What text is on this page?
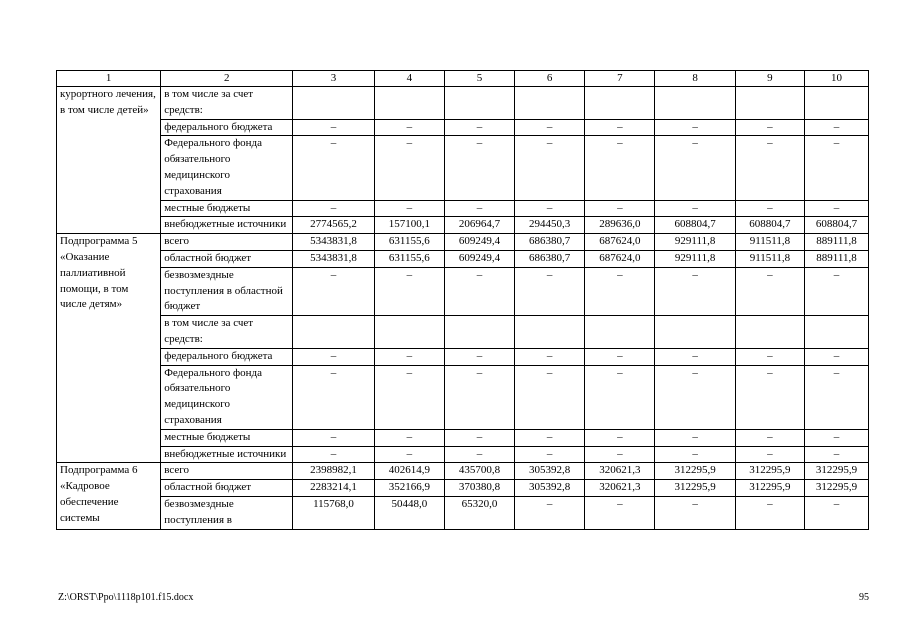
1	2	3	4	5	6	7	8	9	10
курортного лечения, в том числе детей»	в том числе за счет средств:								
	федерального бюджета	–	–	–	–	–	–	–	–
	Федерального фонда обязательного медицинского страхования	–	–	–	–	–	–	–	–
	местные бюджеты	–	–	–	–	–	–	–	–
	внебюджетные источники	2774565,2	157100,1	206964,7	294450,3	289636,0	608804,7	608804,7	608804,7
Подпрограмма 5 «Оказание паллиативной помощи, в том числе детям»	всего	5343831,8	631155,6	609249,4	686380,7	687624,0	929111,8	911511,8	889111,8
	областной бюджет	5343831,8	631155,6	609249,4	686380,7	687624,0	929111,8	911511,8	889111,8
	безвозмездные поступления в областной бюджет	–	–	–	–	–	–	–	–
	в том числе за счет средств:								
	федерального бюджета	–	–	–	–	–	–	–	–
	Федерального фонда обязательного медицинского страхования	–	–	–	–	–	–	–	–
	местные бюджеты	–	–	–	–	–	–	–	–
	внебюджетные источники	–	–	–	–	–	–	–	–
Подпрограмма 6 «Кадровое обеспечение системы	всего	2398982,1	402614,9	435700,8	305392,8	320621,3	312295,9	312295,9	312295,9
	областной бюджет	2283214,1	352166,9	370380,8	305392,8	320621,3	312295,9	312295,9	312295,9
	безвозмездные поступления в	115768,0	50448,0	65320,0	–	–	–	–	–
Z:\ORST\Ppo\1118p101.f15.docx	95
